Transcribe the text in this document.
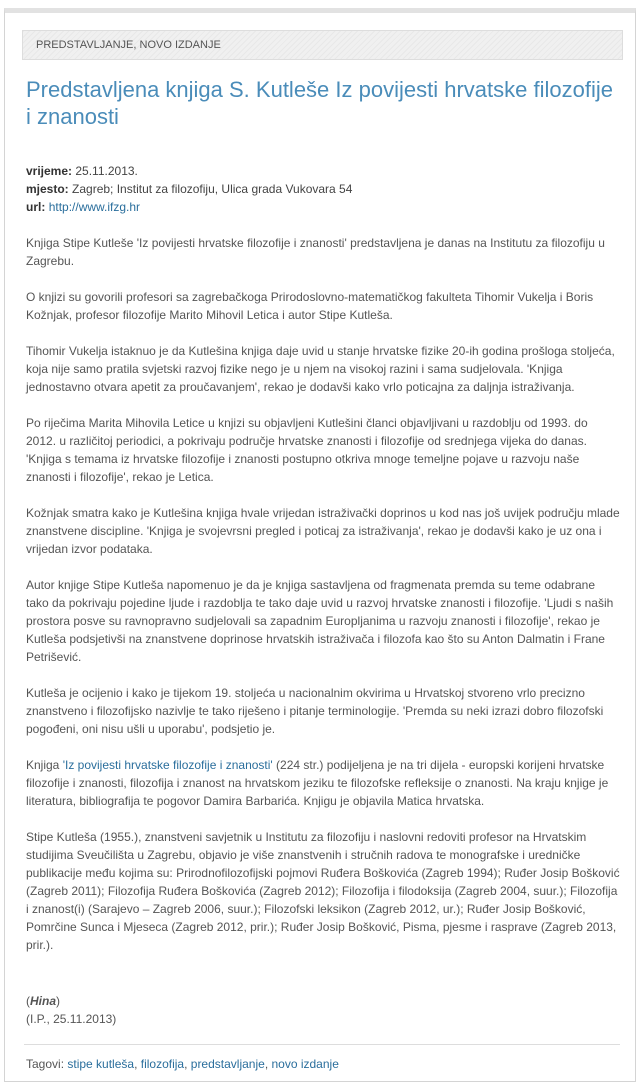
PREDSTAVLJANJE, NOVO IZDANJE
Predstavljena knjiga S. Kutleše Iz povijesti hrvatske filozofije i znanosti
vrijeme: 25.11.2013.
mjesto: Zagreb; Institut za filozofiju, Ulica grada Vukovara 54
url: http://www.ifzg.hr

Knjiga Stipe Kutleše 'Iz povijesti hrvatske filozofije i znanosti' predstavljena je danas na Institutu za filozofiju u Zagrebu.

O knjizi su govorili profesori sa zagrebačkoga Prirodoslovno-matematičkog fakulteta Tihomir Vukelja i Boris Kožnjak, profesor filozofije Marito Mihovil Letica i autor Stipe Kutleša.

Tihomir Vukelja istaknuo je da Kutlešina knjiga daje uvid u stanje hrvatske fizike 20-ih godina prošloga stoljeća, koja nije samo pratila svjetski razvoj fizike nego je u njem na visokoj razini i sama sudjelovala. 'Knjiga jednostavno otvara apetit za proučavanjem', rekao je dodavši kako vrlo poticajna za daljnja istraživanja.

Po riječima Marita Mihovila Letice u knjizi su objavljeni Kutlešini članci objavljivani u razdoblju od 1993. do 2012. u različitoj periodici, a pokrivaju područje hrvatske znanosti i filozofije od srednjega vijeka do danas. 'Knjiga s temama iz hrvatske filozofije i znanosti postupno otkriva mnoge temeljne pojave u razvoju naše znanosti i filozofije', rekao je Letica.

Kožnjak smatra kako je Kutlešina knjiga hvale vrijedan istraživački doprinos u kod nas još uvijek području mlade znanstvene discipline. 'Knjiga je svojevrsni pregled i poticaj za istraživanja', rekao je dodavši kako je uz ona i vrijedan izvor podataka.

Autor knjige Stipe Kutleša napomenuo je da je knjiga sastavljena od fragmenata premda su teme odabrane tako da pokrivaju pojedine ljude i razdoblja te tako daje uvid u razvoj hrvatske znanosti i filozofije. 'Ljudi s naših prostora posve su ravnopravno sudjelovali sa zapadnim Europljanima u razvoju znanosti i filozofije', rekao je Kutleša podsjetivši na znanstvene doprinose hrvatskih istraživača i filozofa kao što su Anton Dalmatin i Frane Petrišević.

Kutleša je ocijenio i kako je tijekom 19. stoljeća u nacionalnim okvirima u Hrvatskoj stvoreno vrlo precizno znanstveno i filozofijsko nazivlje te tako riješeno i pitanje terminologije. 'Premda su neki izrazi dobro filozofski pogođeni, oni nisu ušli u uporabu', podsjetio je.

Knjiga 'Iz povijesti hrvatske filozofije i znanosti' (224 str.) podijeljena je na tri dijela - europski korijeni hrvatske filozofije i znanosti, filozofija i znanost na hrvatskom jeziku te filozofske refleksije o znanosti. Na kraju knjige je literatura, bibliografija te pogovor Damira Barbarića. Knjigu je objavila Matica hrvatska.

Stipe Kutleša (1955.), znanstveni savjetnik u Institutu za filozofiju i naslovni redoviti profesor na Hrvatskim studijima Sveučilišta u Zagrebu, objavio je više znanstvenih i stručnih radova te monografske i uredničke publikacije među kojima su: Prirodnofilozofijski pojmovi Ruđera Boškovića (Zagreb 1994); Ruđer Josip Bošković (Zagreb 2011); Filozofija Ruđera Boškovića (Zagreb 2012); Filozofija i filodoksija (Zagreb 2004, suur.); Filozofija i znanost(i) (Sarajevo – Zagreb 2006, suur.); Filozofski leksikon (Zagreb 2012, ur.); Ruđer Josip Bošković, Pomrčine Sunca i Mjeseca (Zagreb 2012, prir.); Ruđer Josip Bošković, Pisma, pjesme i rasprave (Zagreb 2013, prir.).

(Hina)
(I.P., 25.11.2013)
Tagovi: stipe kutleša, filozofija, predstavljanje, novo izdanje
